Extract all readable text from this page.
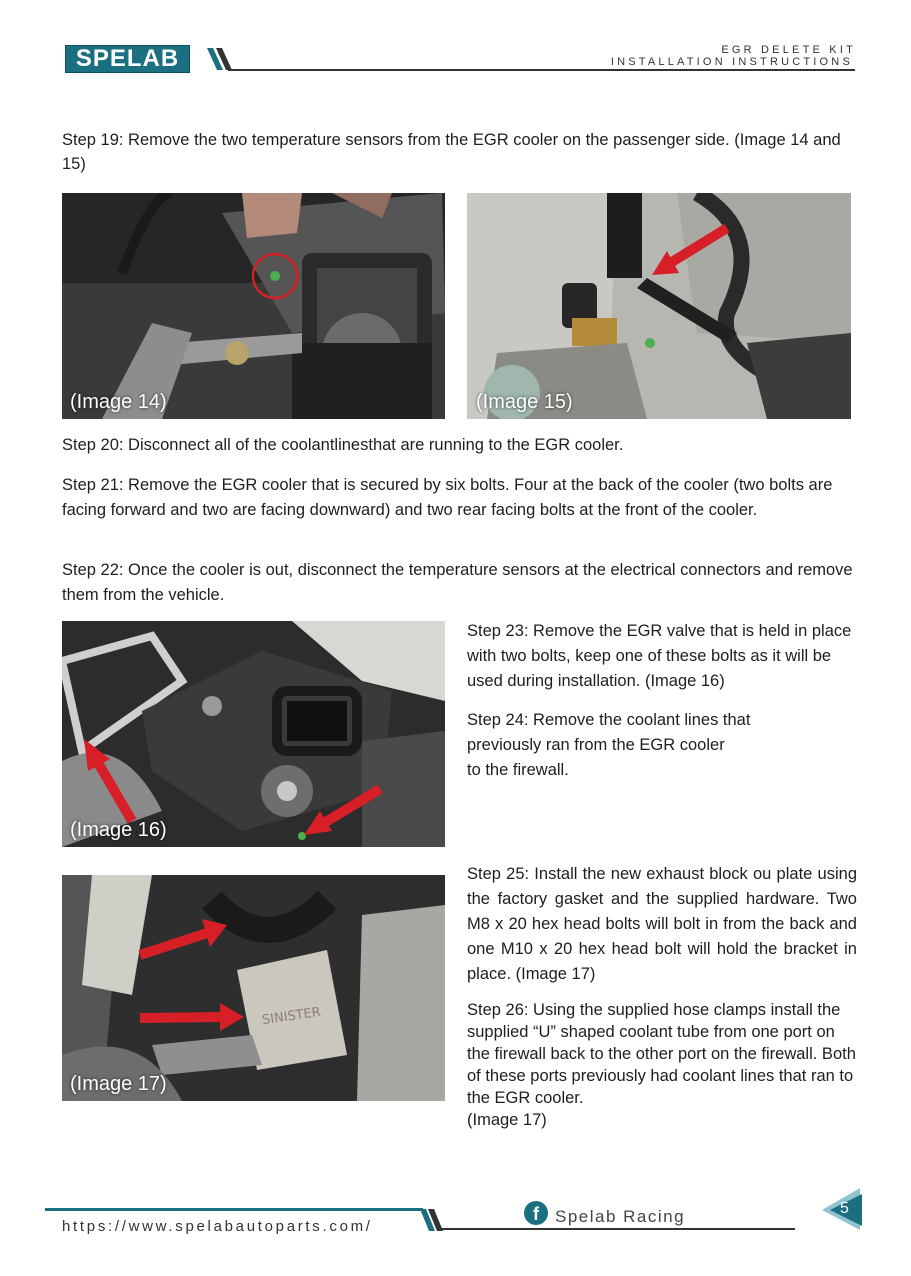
SPELAB	EGR DELETE KIT
INSTALLATION INSTRUCTIONS

Step 19: Remove the two temperature sensors from the EGR cooler on the passenger side. (Image 14 and 15)

(Image 14)	(Image 15)

Step 20: Disconnect all of the coolantlinesthat are running to the EGR cooler.

Step 21: Remove the EGR cooler that is secured by six bolts. Four at the back of the cooler (two bolts are facing forward and two are facing downward) and two rear facing bolts at the front of the cooler.

Step 22: Once the cooler is out, disconnect the temperature sensors at the electrical connectors and remove them from the vehicle.

(Image 16)

Step 23: Remove the EGR valve that is held in place with two bolts, keep one of these bolts as it will be used during installation. (Image 16)

Step 24: Remove the coolant lines that
previously ran from the EGR cooler
to the firewall.
SINISTER
(Image 17)

Step 25: Install the new exhaust block ou plate using the factory gasket and the supplied hardware. Two M8 x 20 hex head bolts will bolt in from the back and one M10 x 20 hex head bolt will hold the bracket in place. (Image 17)

Step 26: Using the supplied hose clamps install the supplied “U” shaped coolant tube from one port on the firewall back to the other port on the firewall. Both of these ports previously had coolant lines that ran to the EGR cooler.

(Image 17)
https://www.spelabautoparts.com/
f Spelab Racing	5
